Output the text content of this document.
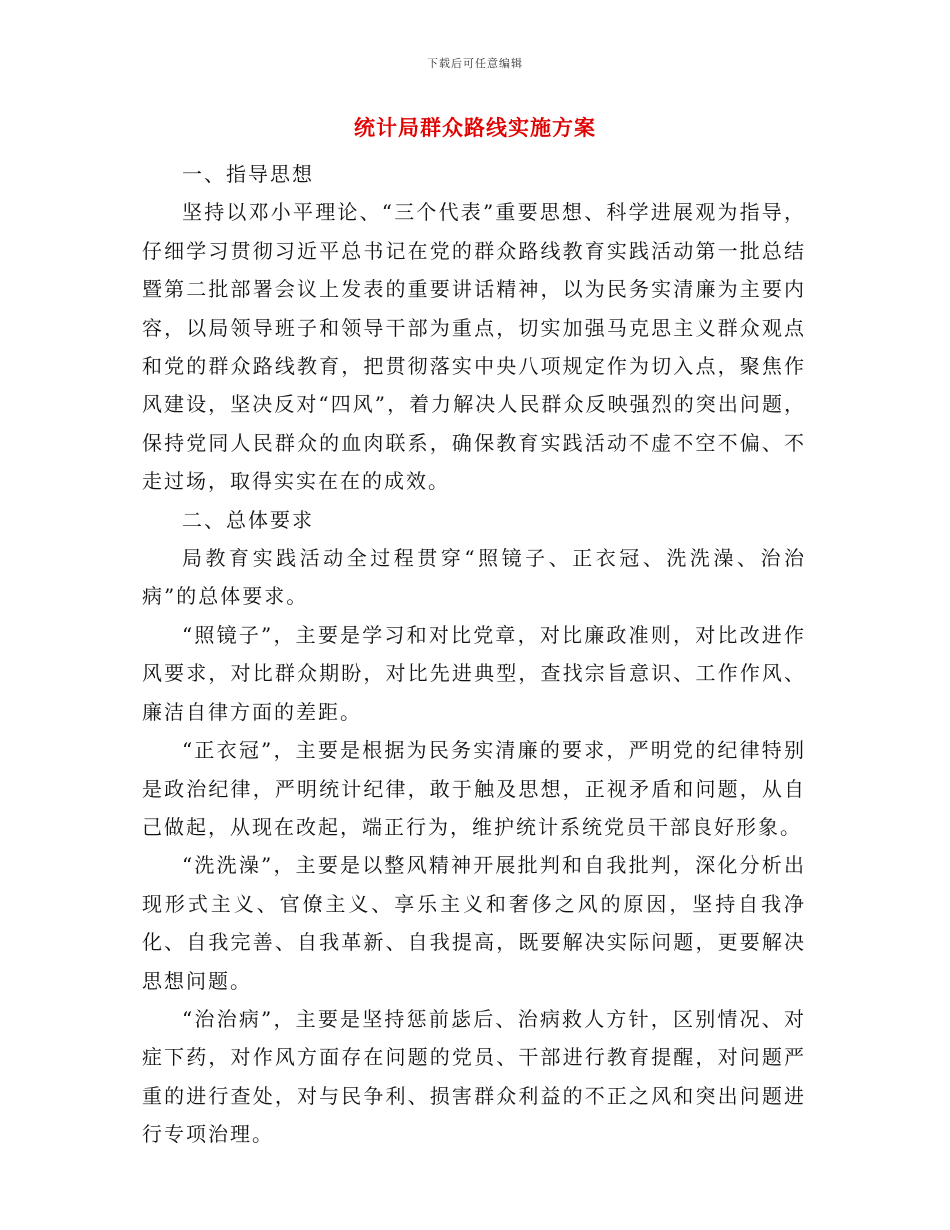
下载后可任意编辑
统计局群众路线实施方案

一、指导思想

坚持以邓小平理论、“三个代表”重要思想、科学进展观为指导，仔细学习贯彻习近平总书记在党的群众路线教育实践活动第一批总结暨第二批部署会议上发表的重要讲话精神，以为民务实清廉为主要内容，以局领导班子和领导干部为重点，切实加强马克思主义群众观点和党的群众路线教育，把贯彻落实中央八项规定作为切入点，聚焦作风建设，坚决反对“四风”，着力解决人民群众反映强烈的突出问题，保持党同人民群众的血肉联系，确保教育实践活动不虚不空不偏、不走过场，取得实实在在的成效。

二、总体要求

局教育实践活动全过程贯穿“照镜子、正衣冠、洗洗澡、治治病”的总体要求。

“照镜子”，主要是学习和对比党章，对比廉政准则，对比改进作风要求，对比群众期盼，对比先进典型，查找宗旨意识、工作作风、廉洁自律方面的差距。

“正衣冠”，主要是根据为民务实清廉的要求，严明党的纪律特别是政治纪律，严明统计纪律，敢于触及思想，正视矛盾和问题，从自己做起，从现在改起，端正行为，维护统计系统党员干部良好形象。

“洗洗澡”，主要是以整风精神开展批判和自我批判，深化分析出现形式主义、官僚主义、享乐主义和奢侈之风的原因，坚持自我净化、自我完善、自我革新、自我提高，既要解决实际问题，更要解决思想问题。

“治治病”，主要是坚持惩前毖后、治病救人方针，区别情况、对症下药，对作风方面存在问题的党员、干部进行教育提醒，对问题严重的进行查处，对与民争利、损害群众利益的不正之风和突出问题进行专项治理。
